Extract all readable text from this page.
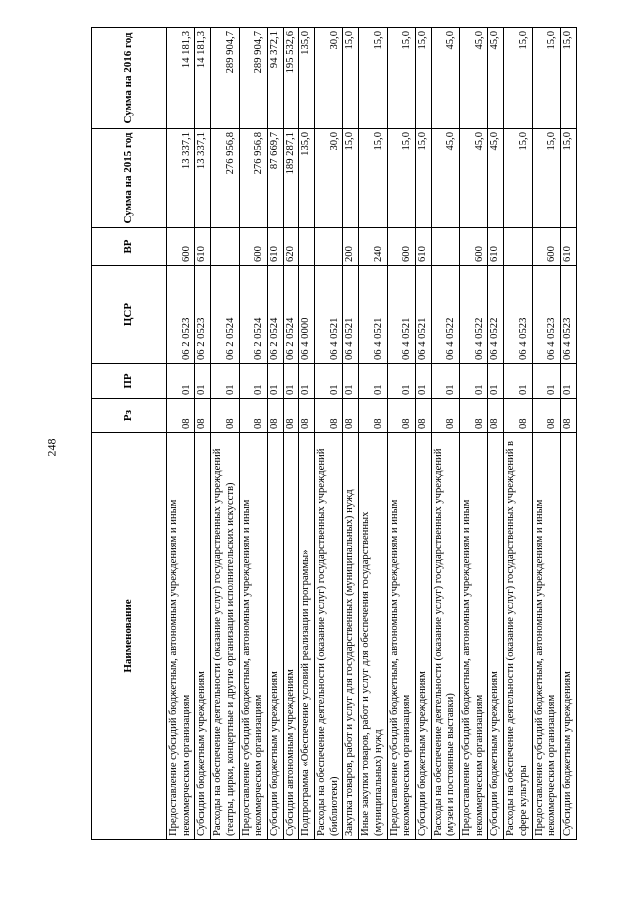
248
Наименование	Рз	ПР	ЦСР	ВР	Сумма на 2015 год	Сумма на 2016 год
Предоставление субсидий бюджетным, автономным учреждениям и иным некоммерческим организациям	08	01	06 2 0523	600	13 337,1	14 181,3
Субсидии бюджетным учреждениям	08	01	06 2 0523	610	13 337,1	14 181,3
Расходы на обеспечение деятельности (оказание услуг) государственных учреждений (театры, цирки, концертные и другие организации исполнительских искусств)	08	01	06 2 0524		276 956,8	289 904,7
Предоставление субсидий бюджетным, автономным учреждениям и иным некоммерческим организациям	08	01	06 2 0524	600	276 956,8	289 904,7
Субсидии бюджетным учреждениям	08	01	06 2 0524	610	87 669,7	94 372,1
Субсидии автономным учреждениям	08	01	06 2 0524	620	189 287,1	195 532,6
Подпрограмма «Обеспечение условий реализации программы»	08	01	06 4 0000		135,0	135,0
Расходы на обеспечение деятельности (оказание услуг) государственных учреждений (библиотеки)	08	01	06 4 0521		30,0	30,0
Закупка товаров, работ и услуг для государственных (муниципальных) нужд	08	01	06 4 0521	200	15,0	15,0
Иные закупки товаров, работ и услуг для обеспечения государственных (муниципальных) нужд	08	01	06 4 0521	240	15,0	15,0
Предоставление субсидий бюджетным, автономным учреждениям и иным некоммерческим организациям	08	01	06 4 0521	600	15,0	15,0
Субсидии бюджетным учреждениям	08	01	06 4 0521	610	15,0	15,0
Расходы на обеспечение деятельности (оказание услуг) государственных учреждений (музеи и постоянные выставки)	08	01	06 4 0522		45,0	45,0
Предоставление субсидий бюджетным, автономным учреждениям и иным некоммерческим организациям	08	01	06 4 0522	600	45,0	45,0
Субсидии бюджетным учреждениям	08	01	06 4 0522	610	45,0	45,0
Расходы на обеспечение деятельности (оказание услуг) государственных учреждений в сфере культуры	08	01	06 4 0523		15,0	15,0
Предоставление субсидий бюджетным, автономным учреждениям и иным некоммерческим организациям	08	01	06 4 0523	600	15,0	15,0
Субсидии бюджетным учреждениям	08	01	06 4 0523	610	15,0	15,0
